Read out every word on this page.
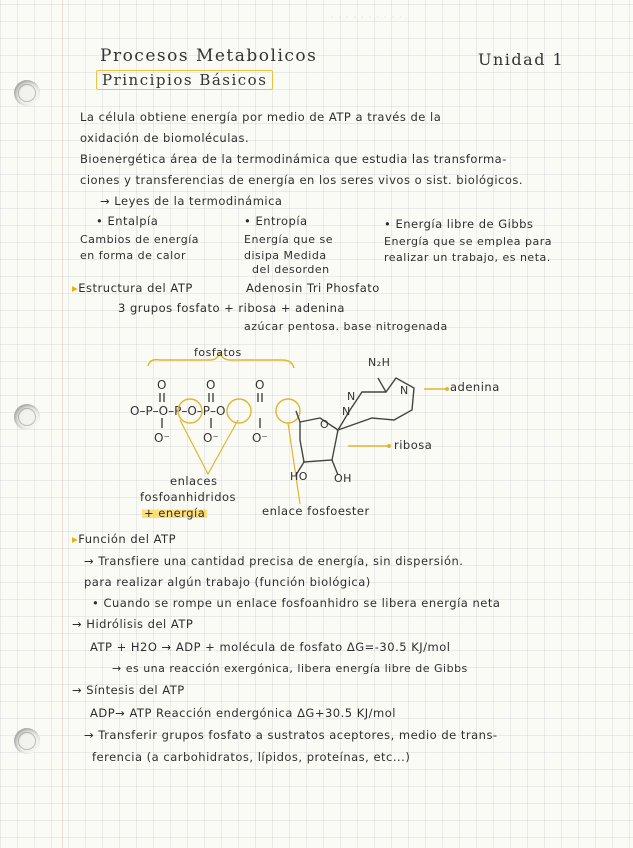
· · · · · · · · · ·
Procesos Metabolicos	Unidad 1
Principios Básicos
La célula obtiene energía por medio de ATP a través de la
oxidación de biomoléculas.
Bioenergética área de la termodinámica que estudia las transforma-
ciones y transferencias de energía en los seres vivos o sist. biológicos.
→ Leyes de la termodinámica
• Entalpía
Cambios de energía
en forma de calor
• Entropía
Energía que se
disipa Medida
del desorden
• Energía libre de Gibbs
Energía que se emplea para
realizar un trabajo, es neta.
▸Estructura del ATP	Adenosin Tri Phosfato
3 grupos fosfato + ribosa + adenina
azúcar pentosa. base nitrogenada
O	O	O
O–P–O–P–O–P–O
O⁻	O⁻	O⁻
N
N
N
O
fosfatos
N₂H
adenina
ribosa
HO OH
enlaces
fosfoanhidridos
+ energía	enlace fosfoester
▸Función del ATP
→ Transfiere una cantidad precisa de energía, sin dispersión.
para realizar algún trabajo (función biológica)
• Cuando se rompe un enlace fosfoanhidro se libera energía neta
→ Hidrólisis del ATP
ATP + H2O → ADP + molécula de fosfato ΔG=-30.5 KJ/mol
→ es una reacción exergónica, libera energía libre de Gibbs
→ Síntesis del ATP
ADP→ ATP Reacción endergónica ΔG+30.5 KJ/mol
→ Transferir grupos fosfato a sustratos aceptores, medio de trans-
ferencia (a carbohidratos, lípidos, proteínas, etc...)
